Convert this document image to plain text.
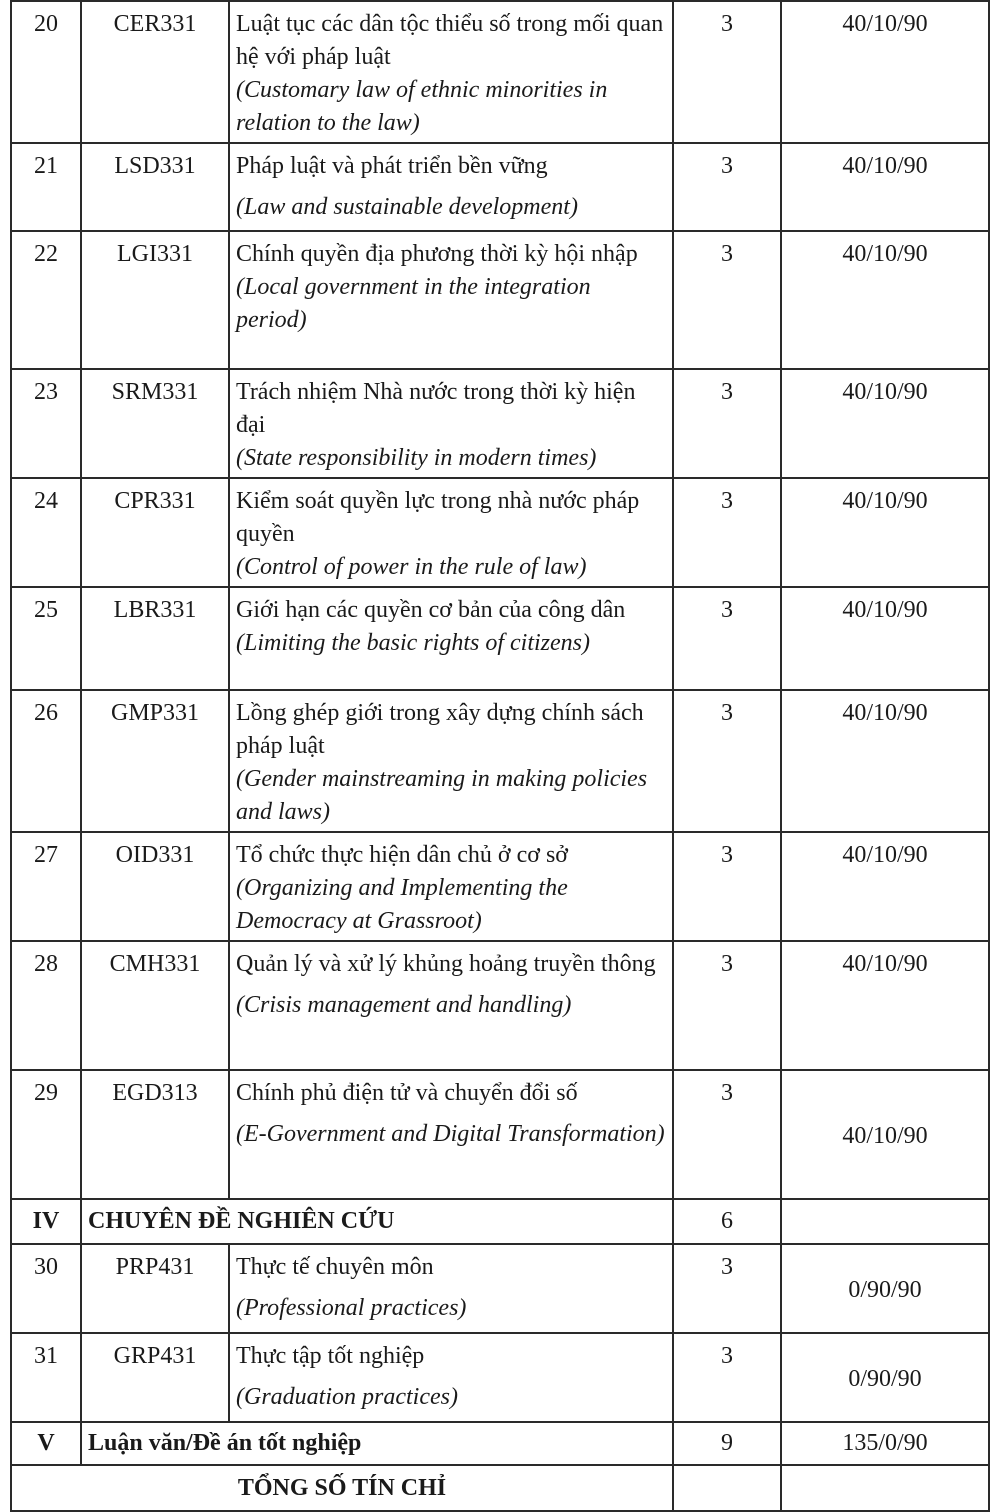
20	CER331	Luật tục các dân tộc thiểu số trong mối quan hệ với pháp luật
(Customary law of ethnic minorities in relation to the law)	3	40/10/90
21	LSD331	Pháp luật và phát triển bền vững
(Law and sustainable development)	3	40/10/90
22	LGI331	Chính quyền địa phương thời kỳ hội nhập
(Local government in the integration period)	3	40/10/90
23	SRM331	Trách nhiệm Nhà nước trong thời kỳ hiện đại
(State responsibility in modern times)	3	40/10/90
24	CPR331	Kiểm soát quyền lực trong nhà nước pháp quyền
(Control of power in the rule of law)	3	40/10/90
25	LBR331	Giới hạn các quyền cơ bản của công dân
(Limiting the basic rights of citizens)	3	40/10/90
26	GMP331	Lồng ghép giới trong xây dựng chính sách pháp luật
(Gender mainstreaming in making policies and laws)	3	40/10/90
27	OID331	Tổ chức thực hiện dân chủ ở cơ sở
(Organizing and Implementing the Democracy at Grassroot)	3	40/10/90
28	CMH331	Quản lý và xử lý khủng hoảng truyền thông
(Crisis management and handling)	3	40/10/90
29	EGD313	Chính phủ điện tử và chuyển đổi số
(E-Government and Digital Transformation)	3	40/10/90
IV	CHUYÊN ĐỀ NGHIÊN CỨU		6	
30	PRP431	Thực tế chuyên môn
(Professional practices)	3	0/90/90
31	GRP431	Thực tập tốt nghiệp
(Graduation practices)	3	0/90/90
V	Luận văn/Đề án tốt nghiệp		9	135/0/90
TỔNG SỐ TÍN CHỈ				
